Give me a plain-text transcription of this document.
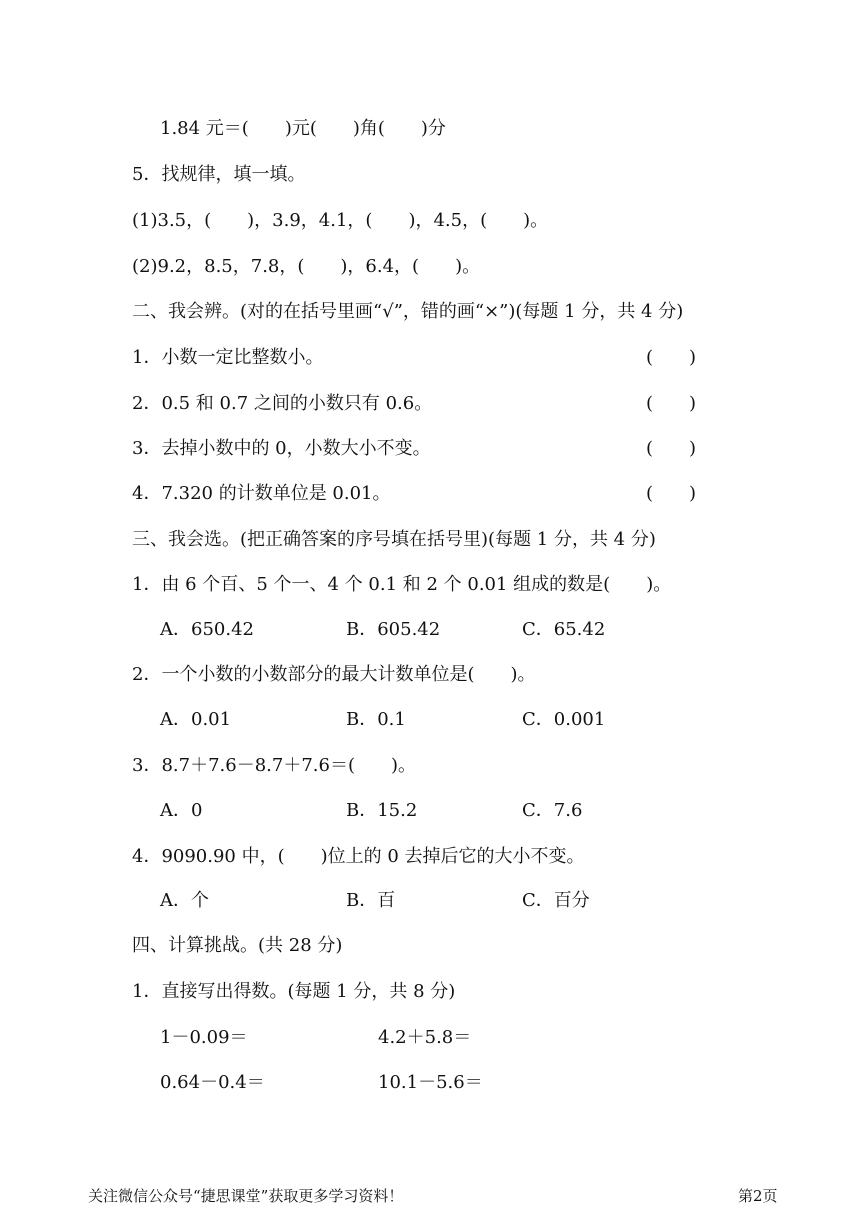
1.84 元＝(　　)元(　　)角(　　)分
5．找规律，填一填。
(1)3.5，(　　)，3.9，4.1，(　　)，4.5，(　　)。
(2)9.2，8.5，7.8，(　　)，6.4，(　　)。
二、我会辨。(对的在括号里画“√”，错的画“×”)(每题 1 分，共 4 分)
1．小数一定比整数小。	(　　)
2．0.5 和 0.7 之间的小数只有 0.6。	(　　)
3．去掉小数中的 0，小数大小不变。	(　　)
4．7.320 的计数单位是 0.01。	(　　)
三、我会选。(把正确答案的序号填在括号里)(每题 1 分，共 4 分)
1．由 6 个百、5 个一、4 个 0.1 和 2 个 0.01 组成的数是(　　)。
A．650.42	B．605.42	C．65.42
2．一个小数的小数部分的最大计数单位是(　　)。
A．0.01	B．0.1	C．0.001
3．8.7＋7.6－8.7＋7.6＝(　　)。
A．0	B．15.2	C．7.6
4．9090.90 中，(　　)位上的 0 去掉后它的大小不变。
A．个	B．百	C．百分
四、计算挑战。(共 28 分)
1．直接写出得数。(每题 1 分，共 8 分)
1－0.09＝	4.2＋5.8＝
0.64－0.4＝	10.1－5.6＝
关注微信公众号“捷思课堂”获取更多学习资料！	第2页
